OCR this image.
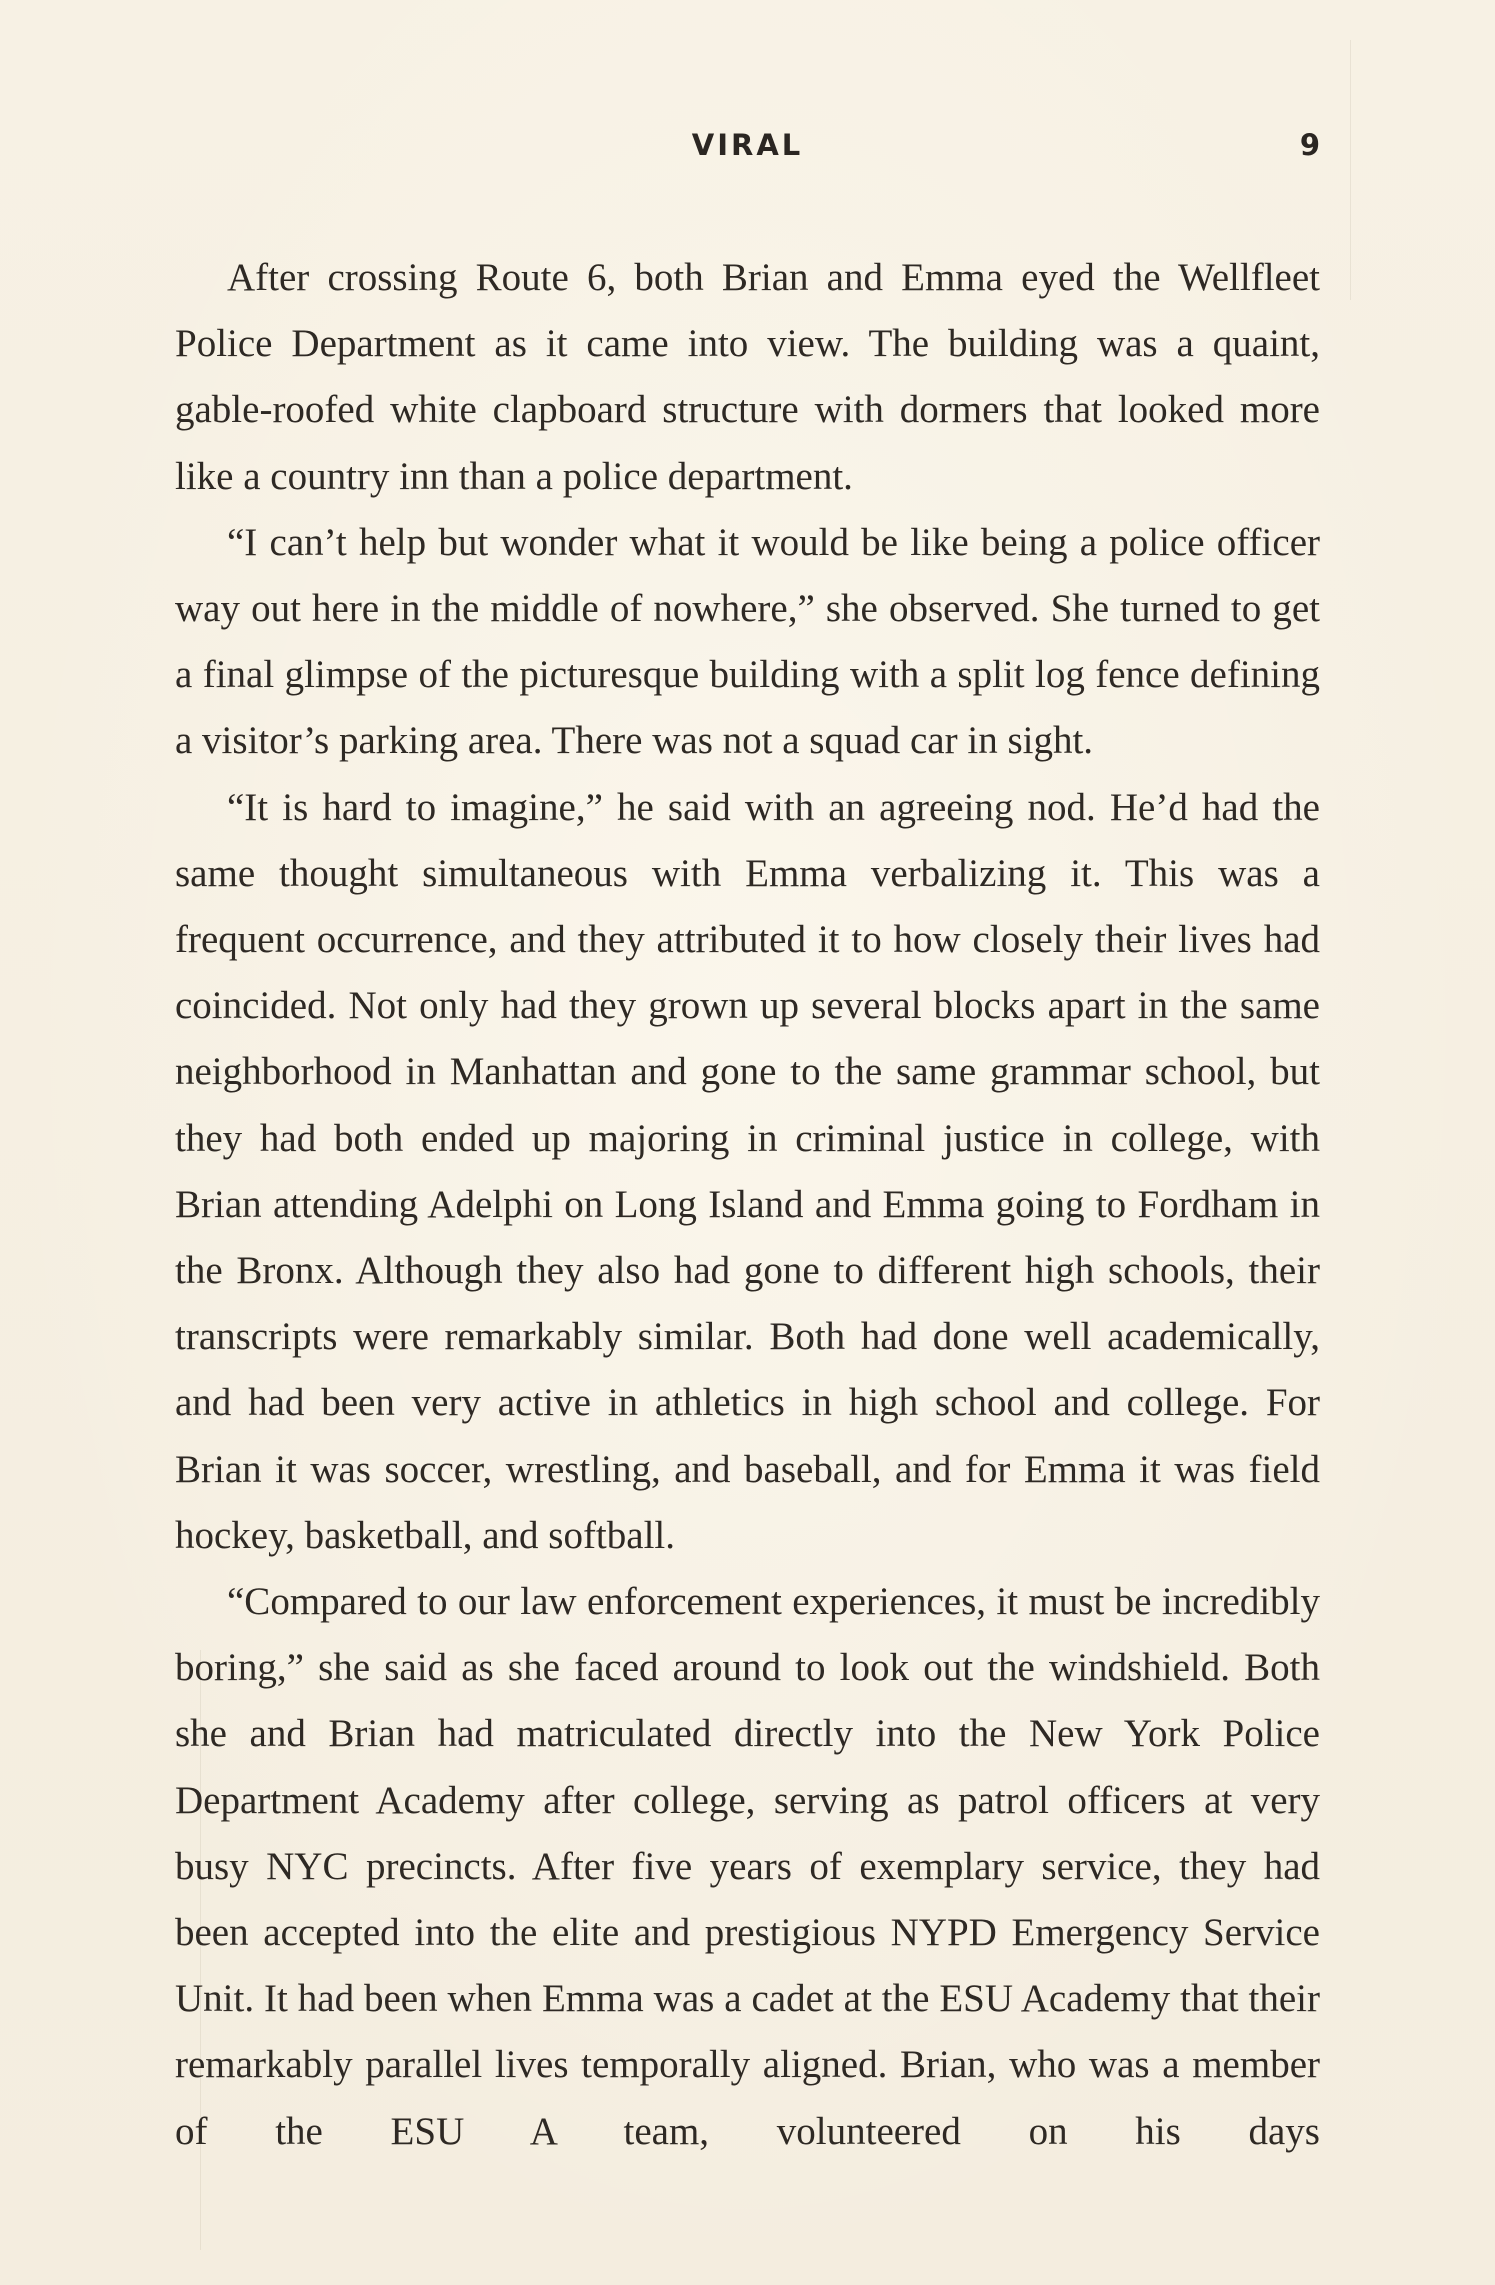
VIRAL	9

After crossing Route 6, both Brian and Emma eyed the Wellfleet Police Department as it came into view. The building was a quaint, gable-roofed white clapboard structure with dormers that looked more like a country inn than a police department.

“I can’t help but wonder what it would be like being a police officer way out here in the middle of nowhere,” she observed. She turned to get a final glimpse of the picturesque building with a split log fence defining a visitor’s parking area. There was not a squad car in sight.

“It is hard to imagine,” he said with an agreeing nod. He’d had the same thought simultaneous with Emma verbalizing it. This was a frequent occurrence, and they attributed it to how closely their lives had coincided. Not only had they grown up several blocks apart in the same neighborhood in Manhattan and gone to the same grammar school, but they had both ended up majoring in criminal justice in college, with Brian attending Adelphi on Long Island and Emma going to Fordham in the Bronx. Although they also had gone to different high schools, their transcripts were remarkably similar. Both had done well academically, and had been very active in athletics in high school and college. For Brian it was soccer, wrestling, and baseball, and for Emma it was field hockey, basketball, and softball.

“Compared to our law enforcement experiences, it must be incredibly boring,” she said as she faced around to look out the windshield. Both she and Brian had matriculated directly into the New York Police Department Academy after college, serving as patrol officers at very busy NYC precincts. After five years of exemplary service, they had been accepted into the elite and prestigious NYPD Emergency Service Unit. It had been when Emma was a cadet at the ESU Academy that their remarkably parallel lives temporally aligned. Brian, who was a member of the ESU A team, volunteered on his days
